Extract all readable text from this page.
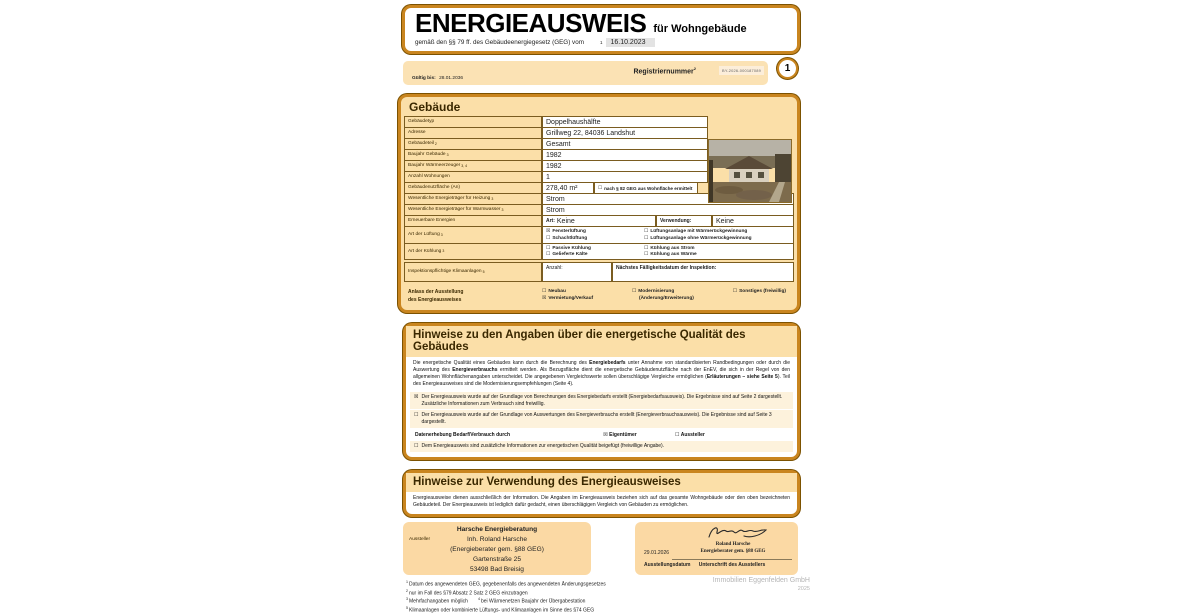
ENERGIEAUSWEIS für Wohngebäude
gemäß den §§ 79 ff. des Gebäudeenergiegesetz (GEG) vom	1	16.10.2023
Gültig bis: 28.01.2036
Registriernummer$^2$	BY-2026-000187089	1
Gebäude
Gebäudetyp	Doppelhaushälfte
Adresse	Grillweg 22, 84036 Landshut
Gebäudeteil 2	Gesamt
Baujahr Gebäude 3	1982
Baujahr Wärmeerzeuger 3, 4	1982
Anzahl Wohnungen	1
Gebäudenutzfläche (An)	278,40 m²	☐ nach § 82 GEG aus Wohnfläche ermittelt
Wesentliche Energieträger für Heizung 3	Strom
Wesentliche Energieträger für Warmwasser 3	Strom
Erneuerbare Energien	Art: Keine	Verwendung:	Keine
Art der Lüftung 3
☒ Fensterlüftung
☐ Schachtlüftung
☐ Lüftungsanlage mit Wärmerückgewinnung
☐ Lüftungsanlage ohne Wärmerückgewinnung
Art der Kühlung 3
☐ Passive Kühlung
☐ Gelieferte Kälte
☐ Kühlung aus Strom
☐ Kühlung aus Wärme
Inspektionspflichtige Klimaanlagen 5
Anzahl:	Nächstes Fälligkeitsdatum der Inspektion:
Anlass der Ausstellung
des Energieausweises
☐ Neubau
☒ Vermietung/Verkauf
☐ Modernisierung
(Änderung/Erweiterung)
☐ Sonstiges (freiwillig)
Hinweise zu den Angaben über die energetische Qualität des Gebäudes
Die energetische Qualität eines Gebäudes kann durch die Berechnung des Energiebedarfs unter Annahme von standardisierten Randbedingungen oder durch die Auswertung des Energieverbrauchs ermittelt werden. Als Bezugsfläche dient die energetische Gebäudenutzfläche nach der EnEV, die sich in der Regel von den allgemeinen Wohnflächenangaben unterscheidet. Die angegebenen Vergleichswerte sollen überschlägige Vergleiche ermöglichen (Erläuterungen – siehe Seite 5). Teil des Energieausweises sind die Modernisierungsempfehlungen (Seite 4).
☒ Der Energieausweis wurde auf der Grundlage von Berechnungen des Energiebedarfs erstellt (Energiebedarfsausweis). Die Ergebnisse sind auf Seite 2 dargestellt. Zusätzliche Informationen zum Verbrauch sind freiwillig.
☐ Der Energieausweis wurde auf der Grundlage von Auswertungen des Energieverbrauchs erstellt (Energieverbrauchsausweis). Die Ergebnisse sind auf Seite 3 dargestellt.
Datenerhebung Bedarf/Verbrauch durch	☒ Eigentümer	☐ Aussteller
☐ Dem Energieausweis sind zusätzliche Informationen zur energetischen Qualität beigefügt (freiwillige Angabe).
Hinweise zur Verwendung des Energieausweises
Energieausweise dienen ausschließlich der Information. Die Angaben im Energieausweis beziehen sich auf das gesamte Wohngebäude oder den oben bezeichneten Gebäudeteil. Der Energieausweis ist lediglich dafür gedacht, einen überschlägigen Vergleich von Gebäuden zu ermöglichen.
Aussteller
Harsche Energieberatung
Inh. Roland Harsche
(Energieberater gem. §88 GEG)
Gartenstraße 25
53498 Bad Breisig
Roland Harsche
Energieberater gem. §88 GEG
29.01.2026
Ausstellungsdatum	Unterschrift des Ausstellers
$^1$Datum des angewendeten GEG, gegebenenfalls des angewendeten Änderungsgesetzes
$^2$nur im Fall des §79 Absatz 2 Satz 2 GEG einzutragen
$^3$Mehrfachangaben möglich	$^4$bei Wärmenetzen Baujahr der Übergabestation
$^5$Klimaanlagen oder kombinierte Lüftungs- und Klimaanlagen im Sinne des §74 GEG
Immobilien Eggenfelden GmbH
2025
